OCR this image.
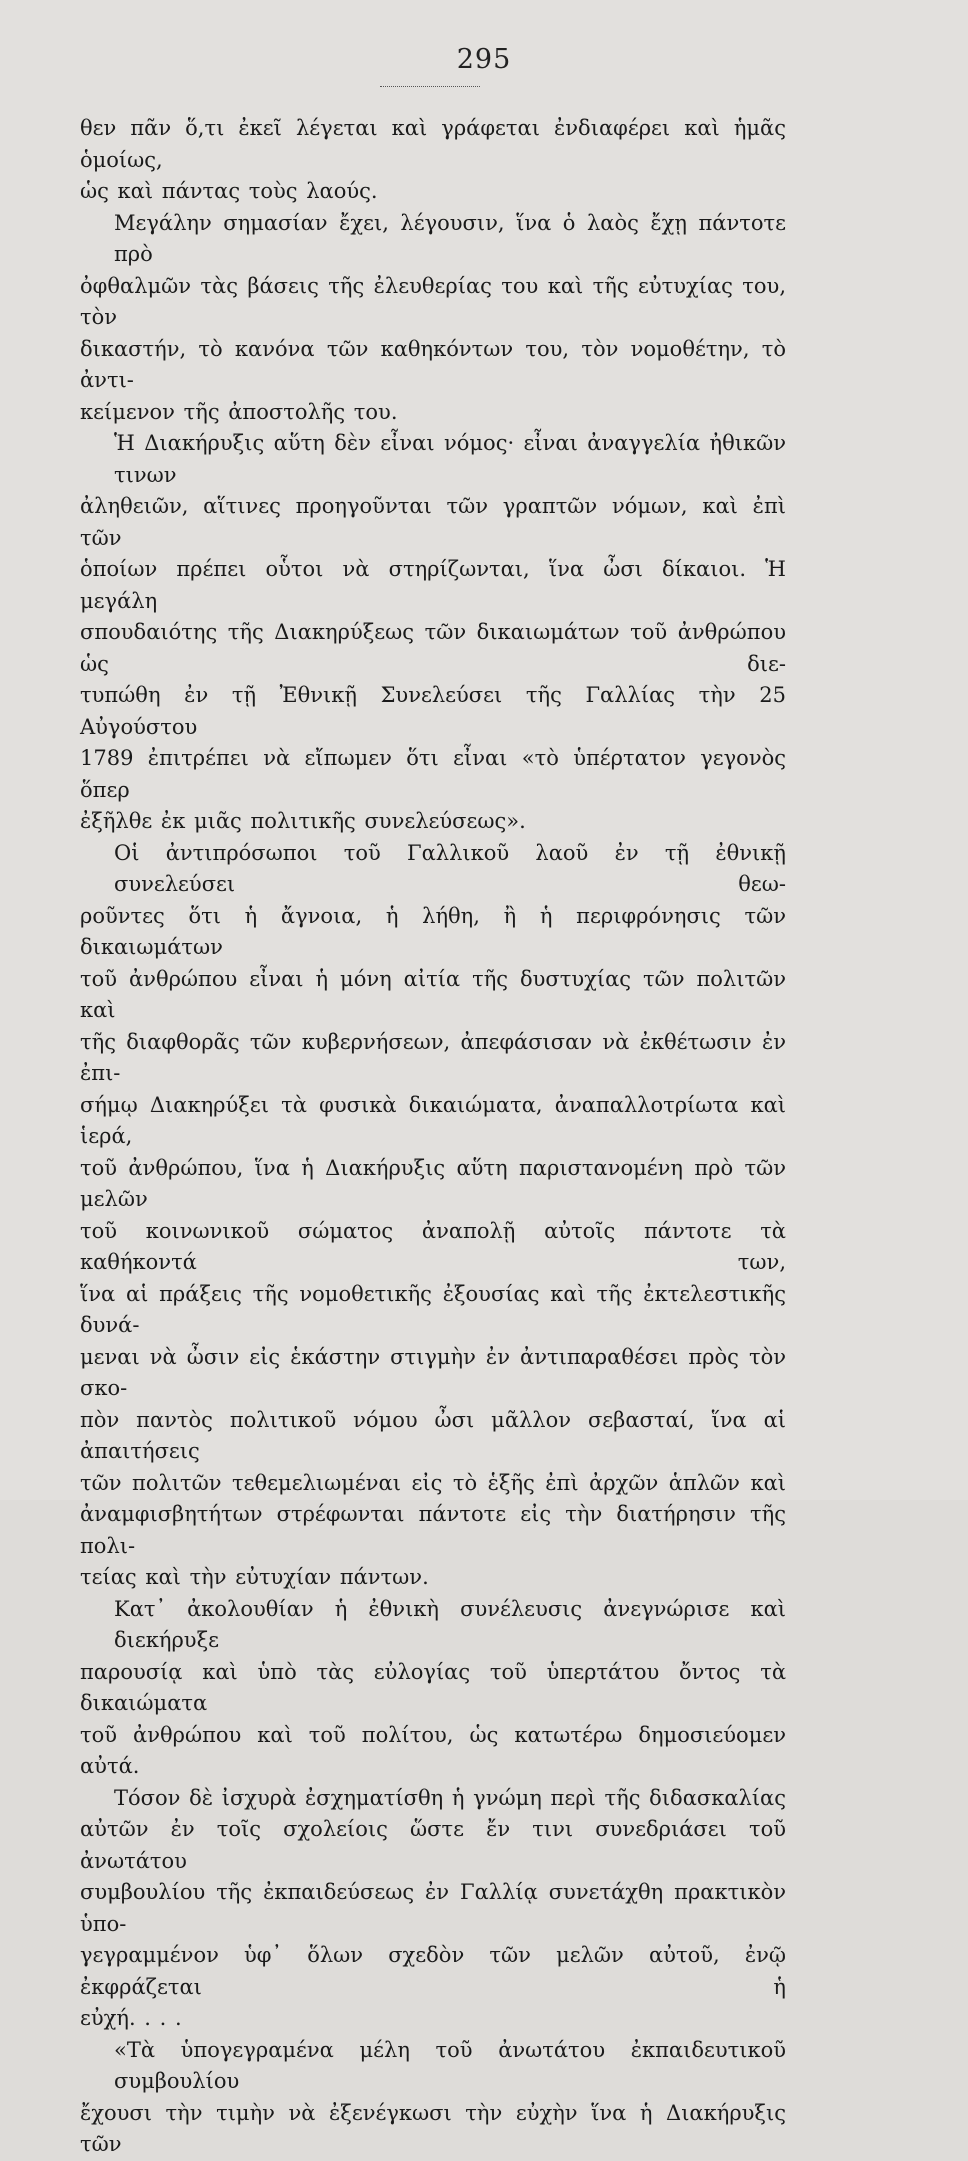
295

θεν πᾶν ὅ,τι ἐκεῖ λέγεται καὶ γράφεται ἐνδιαφέρει καὶ ἡμᾶς ὁμοίως,
ὡς καὶ πάντας τοὺς λαούς.

Μεγάλην σημασίαν ἔχει, λέγουσιν, ἵνα ὁ λαὸς ἔχῃ πάντοτε πρὸ
ὀφθαλμῶν τὰς βάσεις τῆς ἐλευθερίας του καὶ τῆς εὐτυχίας του, τὸν
δικαστήν, τὸ κανόνα τῶν καθηκόντων του, τὸν νομοθέτην, τὸ ἀντι-
κείμενον τῆς ἀποστολῆς του.

Ἡ Διακήρυξις αὕτη δὲν εἶναι νόμος· εἶναι ἀναγγελία ἠθικῶν τινων
ἀληθειῶν, αἵτινες προηγοῦνται τῶν γραπτῶν νόμων, καὶ ἐπὶ τῶν
ὁποίων πρέπει οὗτοι νὰ στηρίζωνται, ἵνα ὦσι δίκαιοι. Ἡ μεγάλη
σπουδαιότης τῆς Διακηρύξεως τῶν δικαιωμάτων τοῦ ἀνθρώπου ὡς διε-
τυπώθη ἐν τῇ Ἐθνικῇ Συνελεύσει τῆς Γαλλίας τὴν 25 Αὐγούστου
1789 ἐπιτρέπει νὰ εἴπωμεν ὅτι εἶναι «τὸ ὑπέρτατον γεγονὸς ὅπερ
ἐξῆλθε ἐκ μιᾶς πολιτικῆς συνελεύσεως».

Οἱ ἀντιπρόσωποι τοῦ Γαλλικοῦ λαοῦ ἐν τῇ ἐθνικῇ συνελεύσει θεω-
ροῦντες ὅτι ἡ ἄγνοια, ἡ λήθη, ἢ ἡ περιφρόνησις τῶν δικαιωμάτων
τοῦ ἀνθρώπου εἶναι ἡ μόνη αἰτία τῆς δυστυχίας τῶν πολιτῶν καὶ
τῆς διαφθορᾶς τῶν κυβερνήσεων, ἀπεφάσισαν νὰ ἐκθέτωσιν ἐν ἐπι-
σήμῳ Διακηρύξει τὰ φυσικὰ δικαιώματα, ἀναπαλλοτρίωτα καὶ ἱερά,
τοῦ ἀνθρώπου, ἵνα ἡ Διακήρυξις αὕτη παριστανομένη πρὸ τῶν μελῶν
τοῦ κοινωνικοῦ σώματος ἀναπολῇ αὐτοῖς πάντοτε τὰ καθήκοντά των,
ἵνα αἱ πράξεις τῆς νομοθετικῆς ἐξουσίας καὶ τῆς ἐκτελεστικῆς δυνά-
μεναι νὰ ὦσιν εἰς ἑκάστην στιγμὴν ἐν ἀντιπαραθέσει πρὸς τὸν σκο-
πὸν παντὸς πολιτικοῦ νόμου ὦσι μᾶλλον σεβασταί, ἵνα αἱ ἀπαιτήσεις
τῶν πολιτῶν τεθεμελιωμέναι εἰς τὸ ἑξῆς ἐπὶ ἀρχῶν ἁπλῶν καὶ
ἀναμφισβητήτων στρέφωνται πάντοτε εἰς τὴν διατήρησιν τῆς πολι-
τείας καὶ τὴν εὐτυχίαν πάντων.

Κατ᾽ ἀκολουθίαν ἡ ἐθνικὴ συνέλευσις ἀνεγνώρισε καὶ διεκήρυξε
παρουσίᾳ καὶ ὑπὸ τὰς εὐλογίας τοῦ ὑπερτάτου ὄντος τὰ δικαιώματα
τοῦ ἀνθρώπου καὶ τοῦ πολίτου, ὡς κατωτέρω δημοσιεύομεν αὐτά.

Τόσον δὲ ἰσχυρὰ ἐσχηματίσθη ἡ γνώμη περὶ τῆς διδασκαλίας
αὐτῶν ἐν τοῖς σχολείοις ὥστε ἔν τινι συνεδριάσει τοῦ ἀνωτάτου
συμβουλίου τῆς ἐκπαιδεύσεως ἐν Γαλλίᾳ συνετάχθη πρακτικὸν ὑπο-
γεγραμμένον ὑφ᾽ ὅλων σχεδὸν τῶν μελῶν αὐτοῦ, ἐνῷ ἐκφράζεται ἡ
εὐχή. . . .

«Τὰ ὑπογεγραμένα μέλη τοῦ ἀνωτάτου ἐκπαιδευτικοῦ συμβουλίου
ἔχουσι τὴν τιμὴν νὰ ἐξενέγκωσι τὴν εὐχὴν ἵνα ἡ Διακήρυξις τῶν
